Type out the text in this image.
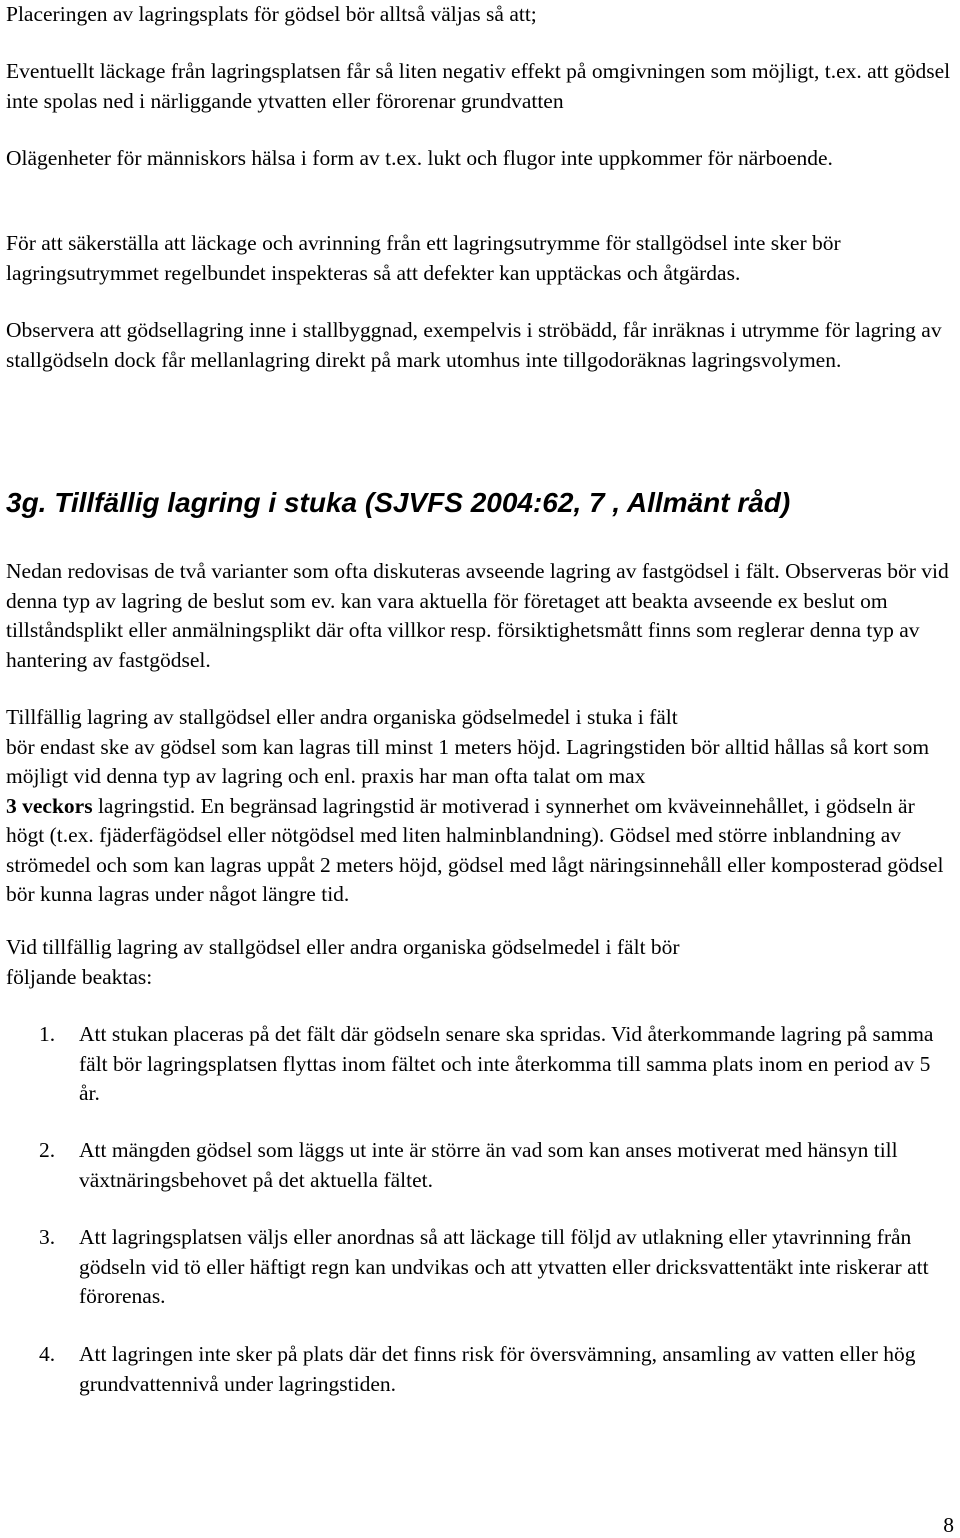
Placeringen av lagringsplats för gödsel bör alltså väljas så att;

Eventuellt läckage från lagringsplatsen får så liten negativ effekt på omgivningen som möjligt, t.ex. att gödsel inte spolas ned i närliggande ytvatten eller förorenar grundvatten

Olägenheter för människors hälsa i form av t.ex. lukt och flugor inte uppkommer för närboende.

För att säkerställa att läckage och avrinning från ett lagringsutrymme för stallgödsel inte sker bör lagringsutrymmet regelbundet inspekteras så att defekter kan upptäckas och åtgärdas.

Observera att gödsellagring inne i stallbyggnad, exempelvis i ströbädd, får inräknas i utrymme för lagring av stallgödseln dock får mellanlagring direkt på mark utomhus inte tillgodoräknas lagringsvolymen.

3g. Tillfällig lagring i stuka (SJVFS 2004:62, 7 , Allmänt råd)

Nedan redovisas de två varianter som ofta diskuteras avseende lagring av fastgödsel i fält. Observeras bör vid denna typ av lagring de beslut som ev. kan vara aktuella för företaget att beakta avseende ex beslut om tillståndsplikt eller anmälningsplikt där ofta villkor resp. försiktighetsmått finns som reglerar denna typ av hantering av fastgödsel.

Tillfällig lagring av stallgödsel eller andra organiska gödselmedel i stuka i fält

bör endast ske av gödsel som kan lagras till minst 1 meters höjd. Lagringstiden bör alltid hållas så kort som möjligt vid denna typ av lagring och enl. praxis har man ofta talat om max
3 veckors lagringstid. En begränsad lagringstid är motiverad i synnerhet om kväveinnehållet, i gödseln är högt (t.ex. fjäderfägödsel eller nötgödsel med liten halminblandning). Gödsel med större inblandning av strömedel och som kan lagras uppåt 2 meters höjd, gödsel med lågt näringsinnehåll eller komposterad gödsel bör kunna lagras under något längre tid.

Vid tillfällig lagring av stallgödsel eller andra organiska gödselmedel i fält bör

följande beaktas:

1. Att stukan placeras på det fält där gödseln senare ska spridas. Vid återkommande lagring på samma fält bör lagringsplatsen flyttas inom fältet och inte återkomma till samma plats inom en period av 5 år.

2. Att mängden gödsel som läggs ut inte är större än vad som kan anses motiverat med hänsyn till växtnäringsbehovet på det aktuella fältet.

3. Att lagringsplatsen väljs eller anordnas så att läckage till följd av utlakning eller ytavrinning från gödseln vid tö eller häftigt regn kan undvikas och att ytvatten eller dricksvattentäkt inte riskerar att förorenas.

4. Att lagringen inte sker på plats där det finns risk för översvämning, ansamling av vatten eller hög grundvattennivå under lagringstiden.

8
